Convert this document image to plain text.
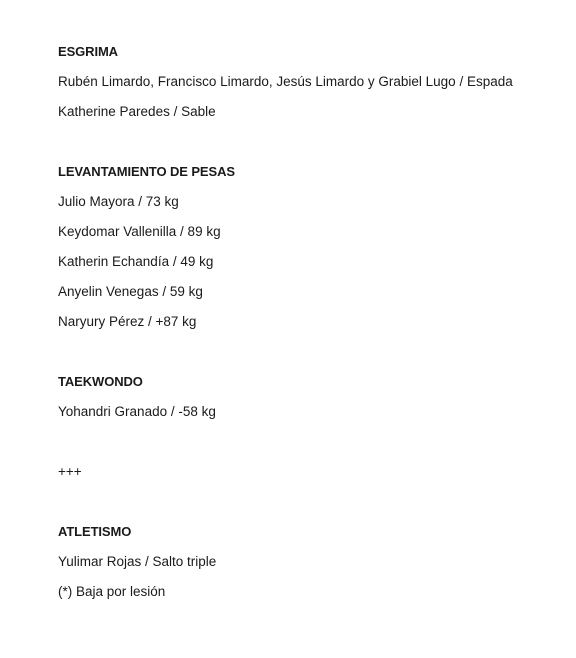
ESGRIMA
Rubén Limardo, Francisco Limardo, Jesús Limardo y Grabiel Lugo / Espada
Katherine Paredes / Sable
LEVANTAMIENTO DE PESAS
Julio Mayora / 73 kg
Keydomar Vallenilla / 89 kg
Katherin Echandía / 49 kg
Anyelin Venegas / 59 kg
Naryury Pérez / +87 kg
TAEKWONDO
Yohandri Granado / -58 kg
+++
ATLETISMO
Yulimar Rojas / Salto triple
(*) Baja por lesión
